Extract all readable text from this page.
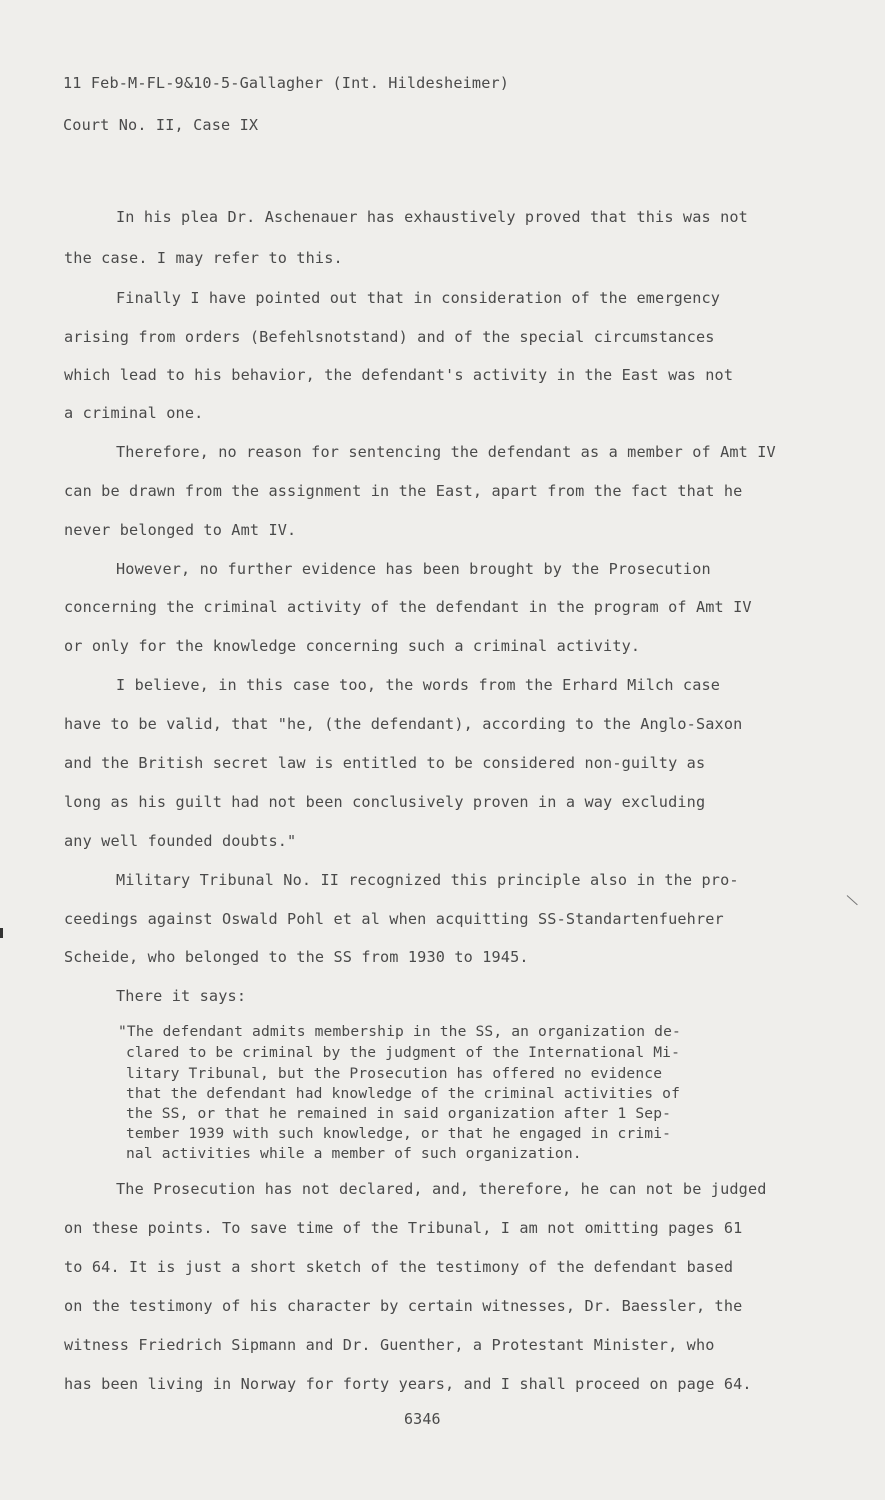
11 Feb-M-FL-9&10-5-Gallagher (Int. Hildesheimer)
Court No. II, Case IX
In his plea Dr. Aschenauer has exhaustively proved that this was not
the case. I may refer to this.
Finally I have pointed out that in consideration of the emergency
arising from orders (Befehlsnotstand) and of the special circumstances
which lead to his behavior, the defendant's activity in the East was not
a criminal one.
Therefore, no reason for sentencing the defendant as a member of Amt IV
can be drawn from the assignment in the East, apart from the fact that he
never belonged to Amt IV.
However, no further evidence has been brought by the Prosecution
concerning the criminal activity of the defendant in the program of Amt IV
or only for the knowledge concerning such a criminal activity.
I believe, in this case too, the words from the Erhard Milch case
have to be valid, that "he, (the defendant), according to the Anglo-Saxon
and the British secret law is entitled to be considered non-guilty as
long as his guilt had not been conclusively proven in a way excluding
any well founded doubts."
Military Tribunal No. II recognized this principle also in the pro-
ceedings against Oswald Pohl et al when acquitting SS-Standartenfuehrer
Scheide, who belonged to the SS from 1930 to 1945.
There it says:
"The defendant admits membership in the SS, an organization de-
clared to be criminal by the judgment of the International Mi-
litary Tribunal, but the Prosecution has offered no evidence
that the defendant had knowledge of the criminal activities of
the SS, or that he remained in said organization after 1 Sep-
tember 1939 with such knowledge, or that he engaged in crimi-
nal activities while a member of such organization.
The Prosecution has not declared, and, therefore, he can not be judged
on these points. To save time of the Tribunal, I am not omitting pages 61
to 64. It is just a short sketch of the testimony of the defendant based
on the testimony of his character by certain witnesses, Dr. Baessler, the
witness Friedrich Sipmann and Dr. Guenther, a Protestant Minister, who
has been living in Norway for forty years, and I shall proceed on page 64.
6346
